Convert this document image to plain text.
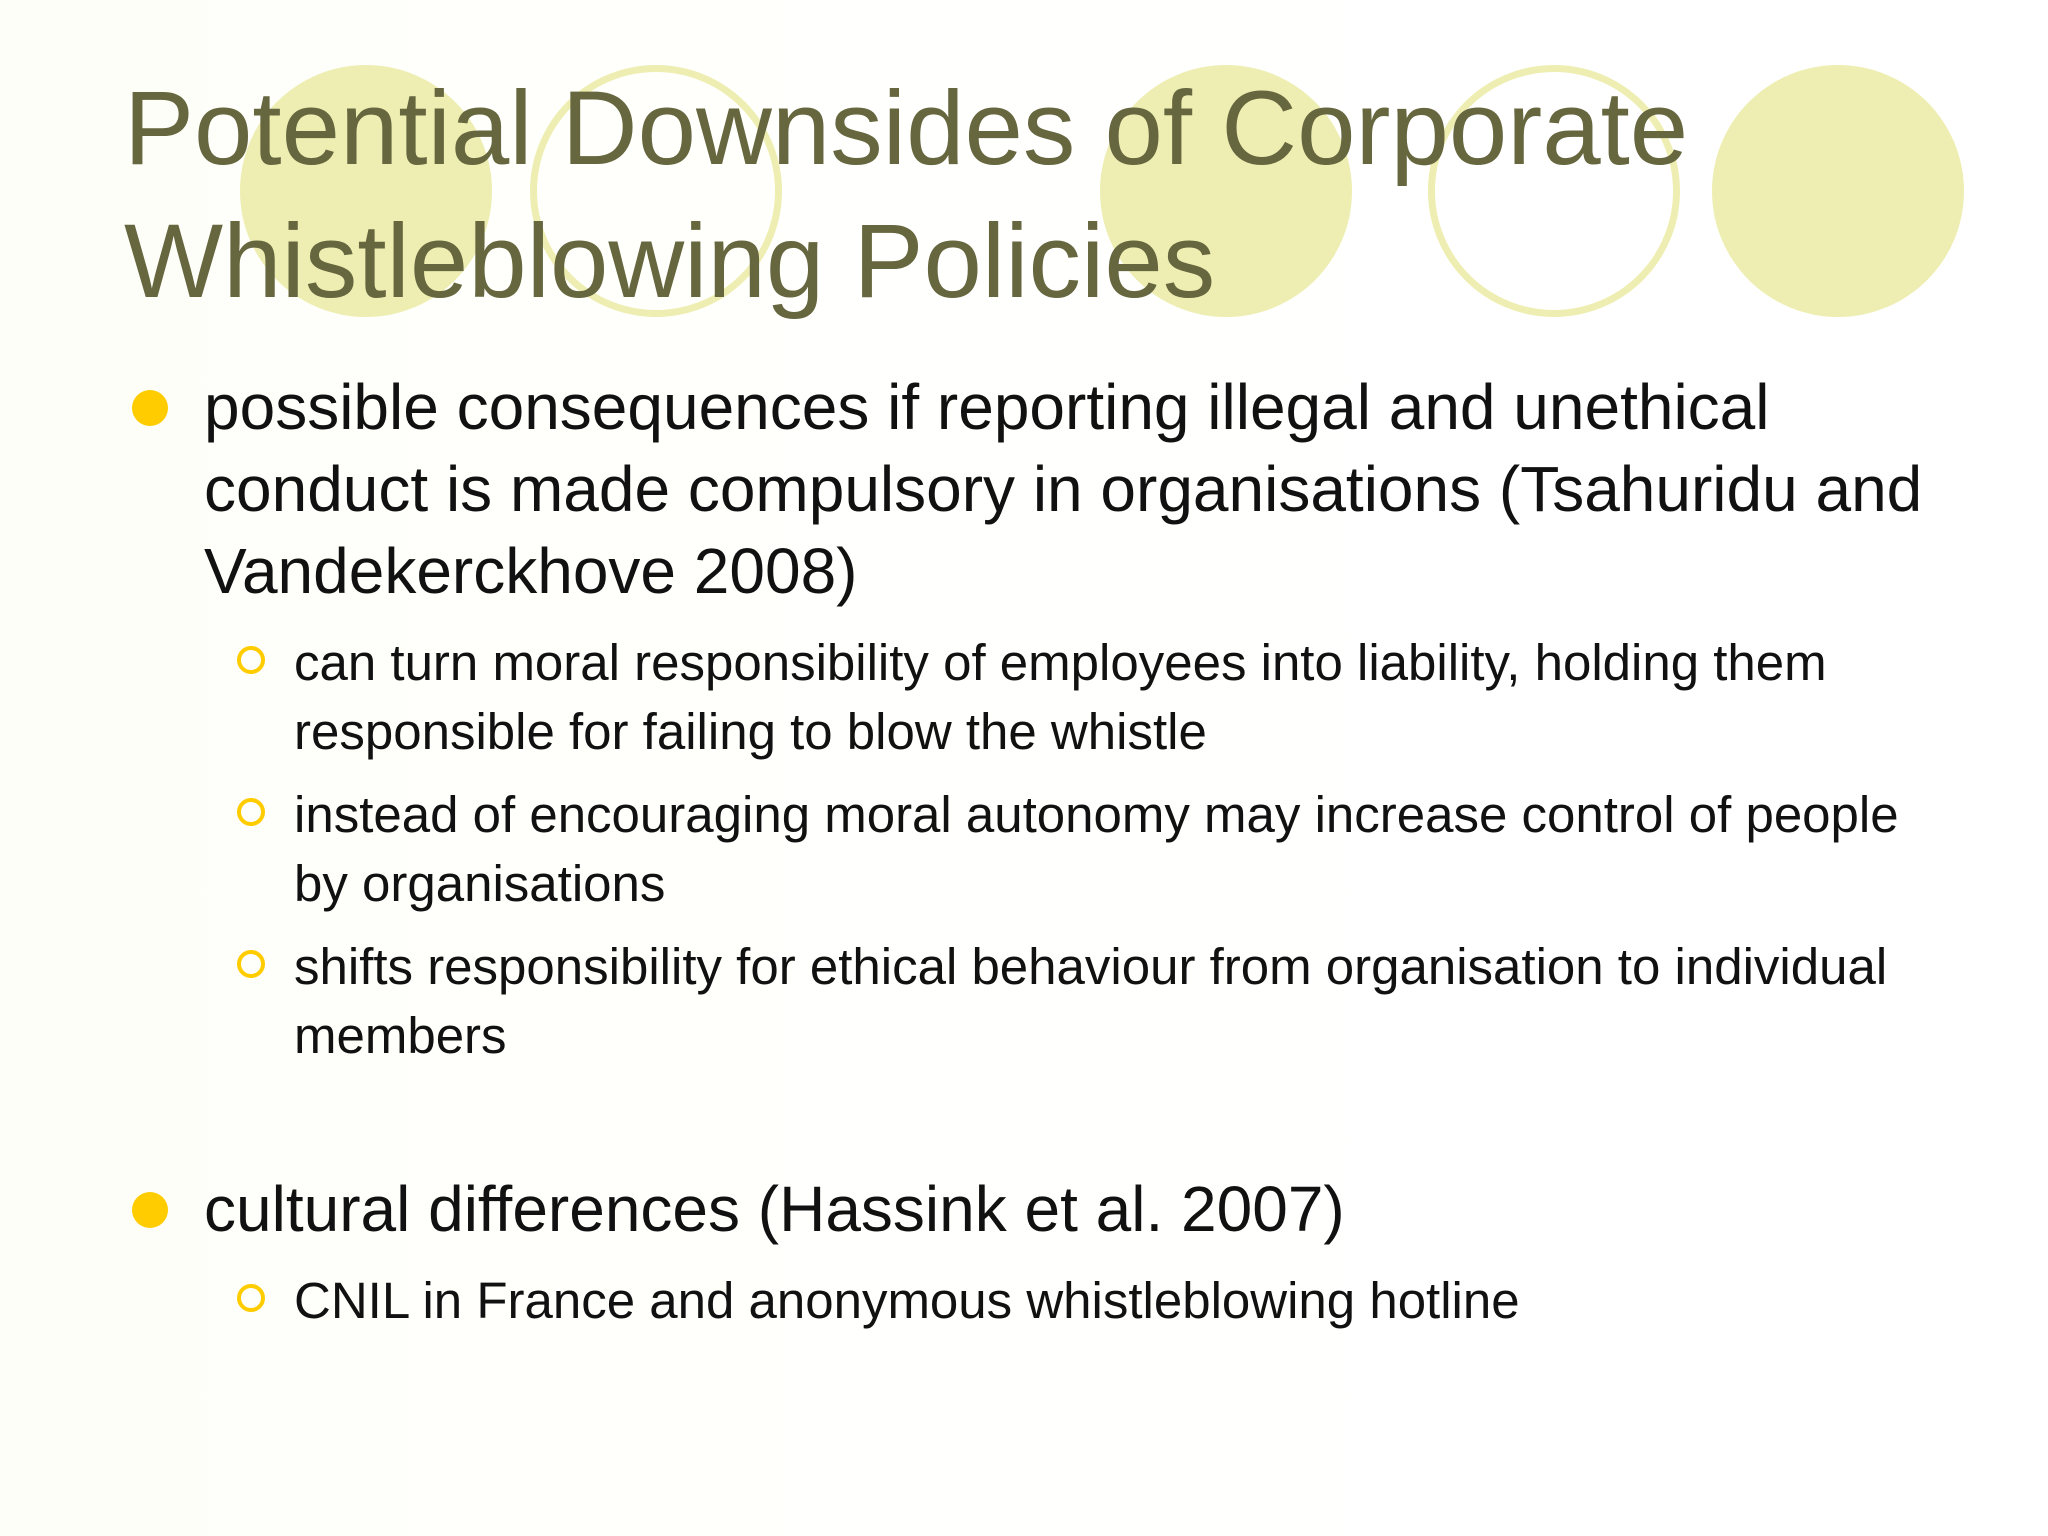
Potential Downsides of Corporate
Whistleblowing Policies
possible consequences if reporting illegal and unethical conduct is made compulsory in organisations (Tsahuridu and Vandekerckhove 2008)
can turn moral responsibility of employees into liability, holding them responsible for failing to blow the whistle
instead of encouraging moral autonomy may increase control of people by organisations
shifts responsibility for ethical behaviour from organisation to individual members
cultural differences (Hassink et al. 2007)
CNIL in France and anonymous whistleblowing hotline
